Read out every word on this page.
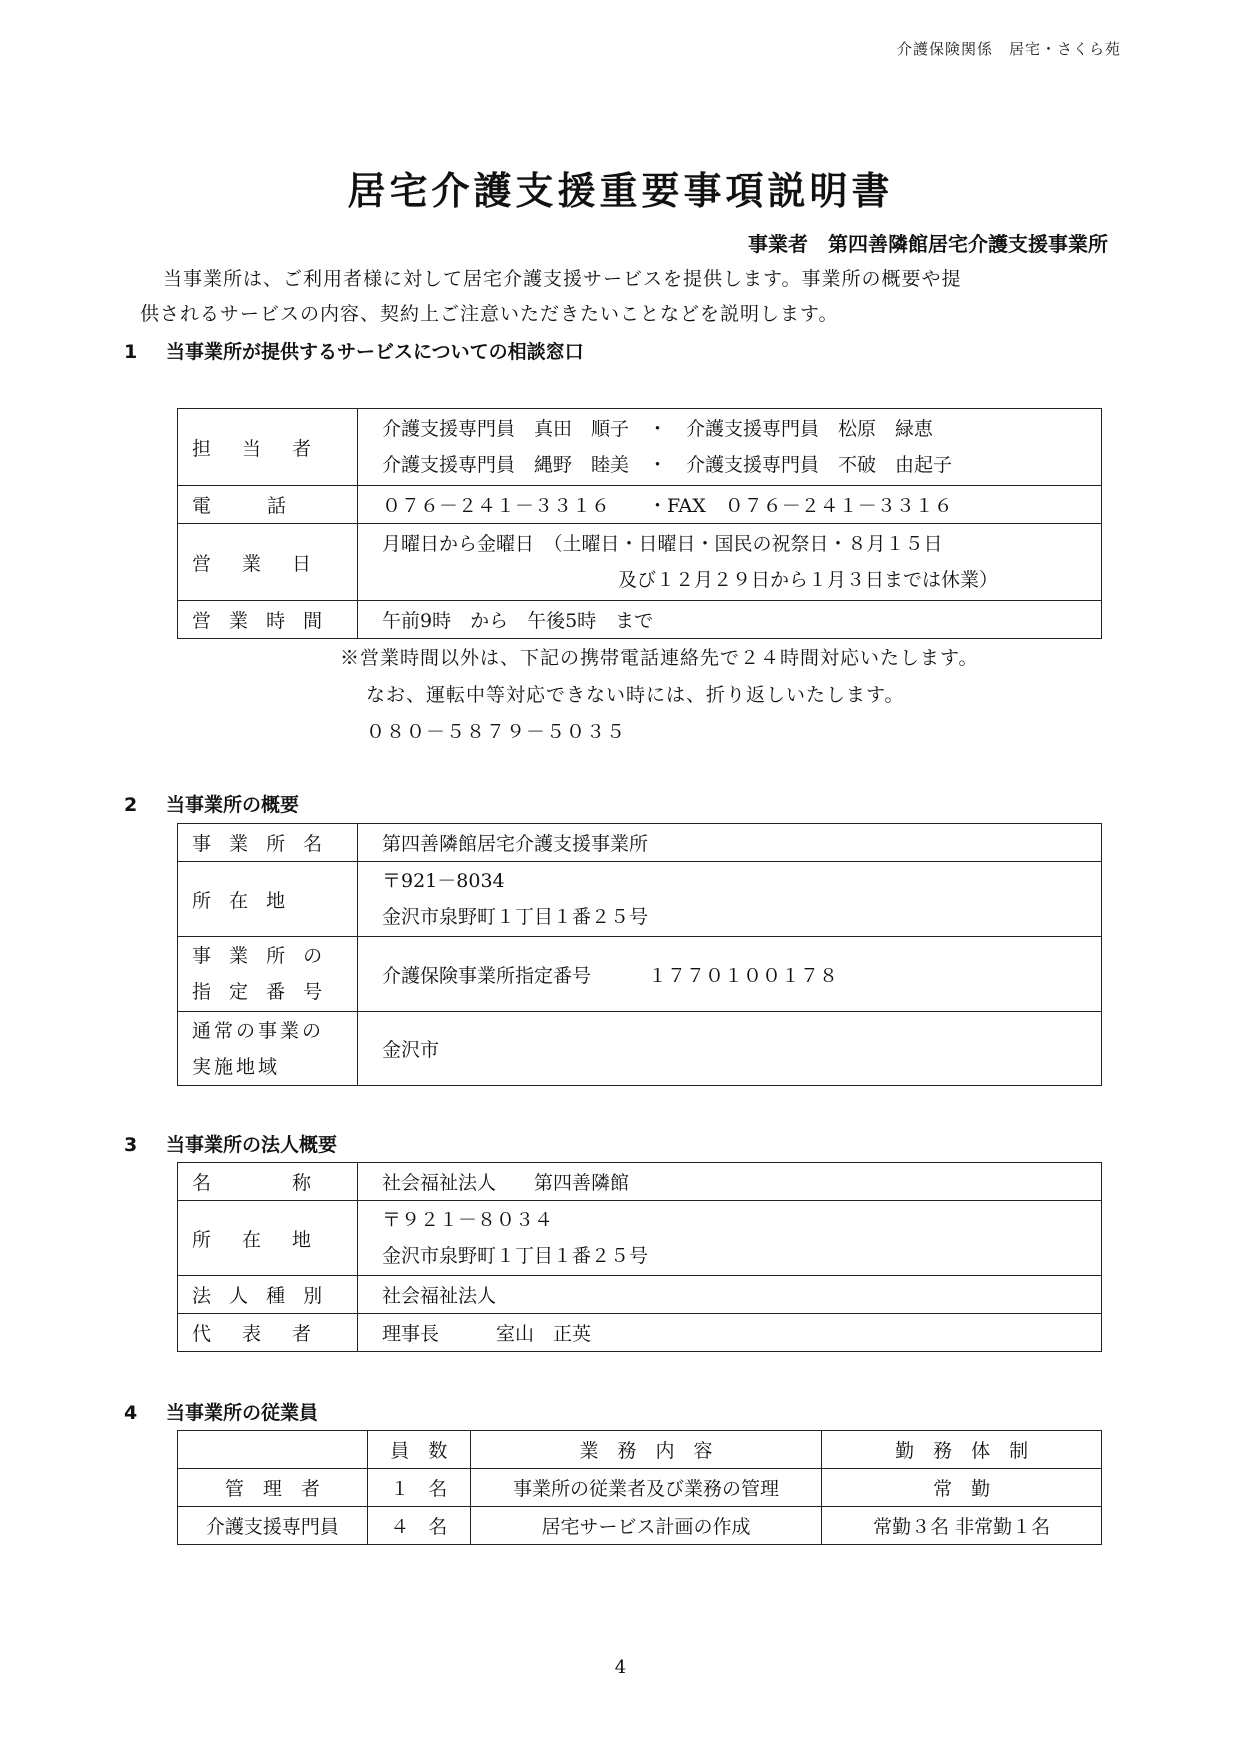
介護保険関係　居宅・さくら苑
居宅介護支援重要事項説明書
事業者　第四善隣館居宅介護支援事業所

当事業所は、ご利用者様に対して居宅介護支援サービスを提供します。事業所の概要や提

供されるサービスの内容、契約上ご注意いただきたいことなどを説明します。

1 当事業所が提供するサービスについての相談窓口
担　当　者	介護支援専門員　真田　順子　・　介護支援専門員　松原　緑恵
介護支援専門員　縄野　睦美　・　介護支援専門員　不破　由起子

電　　話	０７６－２４１－３３１６　　・FAX　０７６－２４１－３３１６
営　業　日	月曜日から金曜日　（土曜日・日曜日・国民の祝祭日・８月１５日
及び１２月２９日から１月３日までは休業）

営 業 時 間	午前9時　から　午後5時　まで
※営業時間以外は、下記の携帯電話連絡先で２４時間対応いたします。
なお、運転中等対応できない時には、折り返しいたします。
０８０－５８７９－５０３５
2 当事業所の概要
事 業 所 名	第四善隣館居宅介護支援事業所
所 在 地	〒921－8034
金沢市泉野町１丁目１番２５号

事 業 所 の
指 定 番 号	介護保険事業所指定番号　　　１７７０１００１７８

通常の事業の
実施地域	金沢市
3 当事業所の法人概要
名　　　称	社会福祉法人　　第四善隣館
所　在　地	〒９２１－８０３４
金沢市泉野町１丁目１番２５号

法 人 種 別	社会福祉法人
代　表　者	理事長　　　室山　正英
4 当事業所の従業員
	員　数	業　務　内　容	勤　務　体　制
管　理　者	１　名	事業所の従業者及び業務の管理	常　勤
介護支援専門員	４　名	居宅サービス計画の作成	常勤３名 非常勤１名
4
